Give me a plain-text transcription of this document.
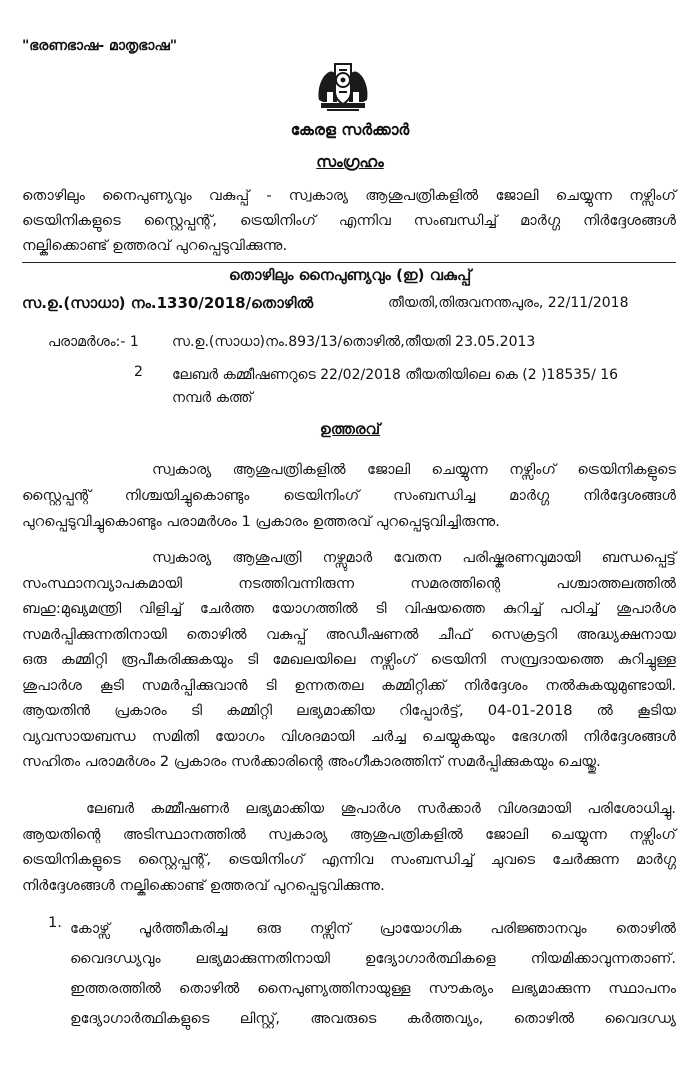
"ഭരണഭാഷ- മാതൃഭാഷ"
കേരള സർക്കാർ
സംഗ്രഹം

തൊഴിലും നൈപുണ്യവും വകുപ്പ് - സ്വകാര്യ ആശുപത്രികളിൽ ജോലി ചെയ്യുന്ന നഴ്സിംഗ്

ട്രെയിനികളുടെ സ്റ്റൈപ്പന്റ്, ട്രെയിനിംഗ് എന്നിവ സംബന്ധിച്ച് മാർഗ്ഗ നിർദ്ദേശങ്ങൾ

നല്കിക്കൊണ്ട് ഉത്തരവ് പുറപ്പെടുവിക്കുന്നു.

തൊഴിലും നൈപുണ്യവും (ഇ) വകുപ്പ്
സ.ഉ.(സാധാ) നം.1330/2018/തൊഴിൽ	തീയതി,തിരുവനന്തപുരം, 22/11/2018
പരാമർശം:- 1 സ.ഉ.(സാധാ)നം.893/13/തൊഴിൽ,തീയതി 23.05.2013
2 ലേബർ കമ്മീഷണറുടെ 22/02/2018 തീയതിയിലെ കെ (2 )18535/ 16

നമ്പർ കത്ത്

ഉത്തരവ്

സ്വകാര്യ ആശുപത്രികളിൽ ജോലി ചെയ്യുന്ന നഴ്സിംഗ് ട്രെയിനികളുടെ

സ്റ്റൈപ്പന്റ് നിശ്ചയിച്ചുകൊണ്ടും ട്രെയിനിംഗ് സംബന്ധിച്ച മാർഗ്ഗ നിർദ്ദേശങ്ങൾ

പുറപ്പെടുവിച്ചുകൊണ്ടും പരാമർശം 1 പ്രകാരം ഉത്തരവ് പുറപ്പെടുവിച്ചിരുന്നു.

സ്വകാര്യ ആശുപത്രി നഴ്സുമാർ വേതന പരിഷ്കരണവുമായി ബന്ധപ്പെട്ട്

സംസ്ഥാനവ്യാപകമായി നടത്തിവന്നിരുന്ന സമരത്തിന്റെ പശ്ചാത്തലത്തിൽ

ബഹു:മുഖ്യമന്ത്രി വിളിച്ച് ചേർത്ത യോഗത്തിൽ ടി വിഷയത്തെ കുറിച്ച് പഠിച്ച് ശുപാർശ

സമർപ്പിക്കുന്നതിനായി തൊഴിൽ വകുപ്പ് അഡീഷണൽ ചീഫ് സെക്രട്ടറി അദ്ധ്യക്ഷനായ

ഒരു കമ്മിറ്റി രൂപീകരിക്കുകയും ടി മേഖലയിലെ നഴ്സിംഗ് ട്രെയിനി സമ്പ്രദായത്തെ കുറിച്ചുള്ള

ശുപാർശ കൂടി സമർപ്പിക്കുവാൻ ടി ഉന്നതതല കമ്മിറ്റിക്ക് നിർദ്ദേശം നൽകുകയുമുണ്ടായി.

ആയതിൻ പ്രകാരം ടി കമ്മിറ്റി ലഭ്യമാക്കിയ റിപ്പോർട്ട്, 04-01-2018 ൽ കൂടിയ

വ്യവസായബന്ധ സമിതി യോഗം വിശദമായി ചർച്ച ചെയ്യുകയും ഭേദഗതി നിർദ്ദേശങ്ങൾ

സഹിതം പരാമർശം 2 പ്രകാരം സർക്കാരിന്റെ അംഗീകാരത്തിന് സമർപ്പിക്കുകയും ചെയ്തു.

ലേബർ കമ്മീഷണർ ലഭ്യമാക്കിയ ശുപാർശ സർക്കാർ വിശദമായി പരിശോധിച്ചു.

ആയതിന്റെ അടിസ്ഥാനത്തിൽ സ്വകാര്യ ആശുപത്രികളിൽ ജോലി ചെയ്യുന്ന നഴ്സിംഗ്

ട്രെയിനികളുടെ സ്റ്റൈപ്പന്റ്, ട്രെയിനിംഗ് എന്നിവ സംബന്ധിച്ച് ചുവടെ ചേർക്കുന്ന മാർഗ്ഗ

നിർദ്ദേശങ്ങൾ നല്കിക്കൊണ്ട് ഉത്തരവ് പുറപ്പെടുവിക്കുന്നു.

1. കോഴ്സ് പൂർത്തീകരിച്ച ഒരു നഴ്സിന് പ്രായോഗിക പരിജ്ഞാനവും തൊഴിൽ

വൈദഗ്ധ്യവും ലഭ്യമാക്കുന്നതിനായി ഉദ്യോഗാർത്ഥികളെ നിയമിക്കാവുന്നതാണ്.

ഇത്തരത്തിൽ തൊഴിൽ നൈപുണ്യത്തിനായുള്ള സൗകര്യം ലഭ്യമാക്കുന്ന സ്ഥാപനം

ഉദ്യോഗാർത്ഥികളുടെ ലിസ്റ്റ്, അവരുടെ കർത്തവ്യം, തൊഴിൽ വൈദഗ്ധ്യ
